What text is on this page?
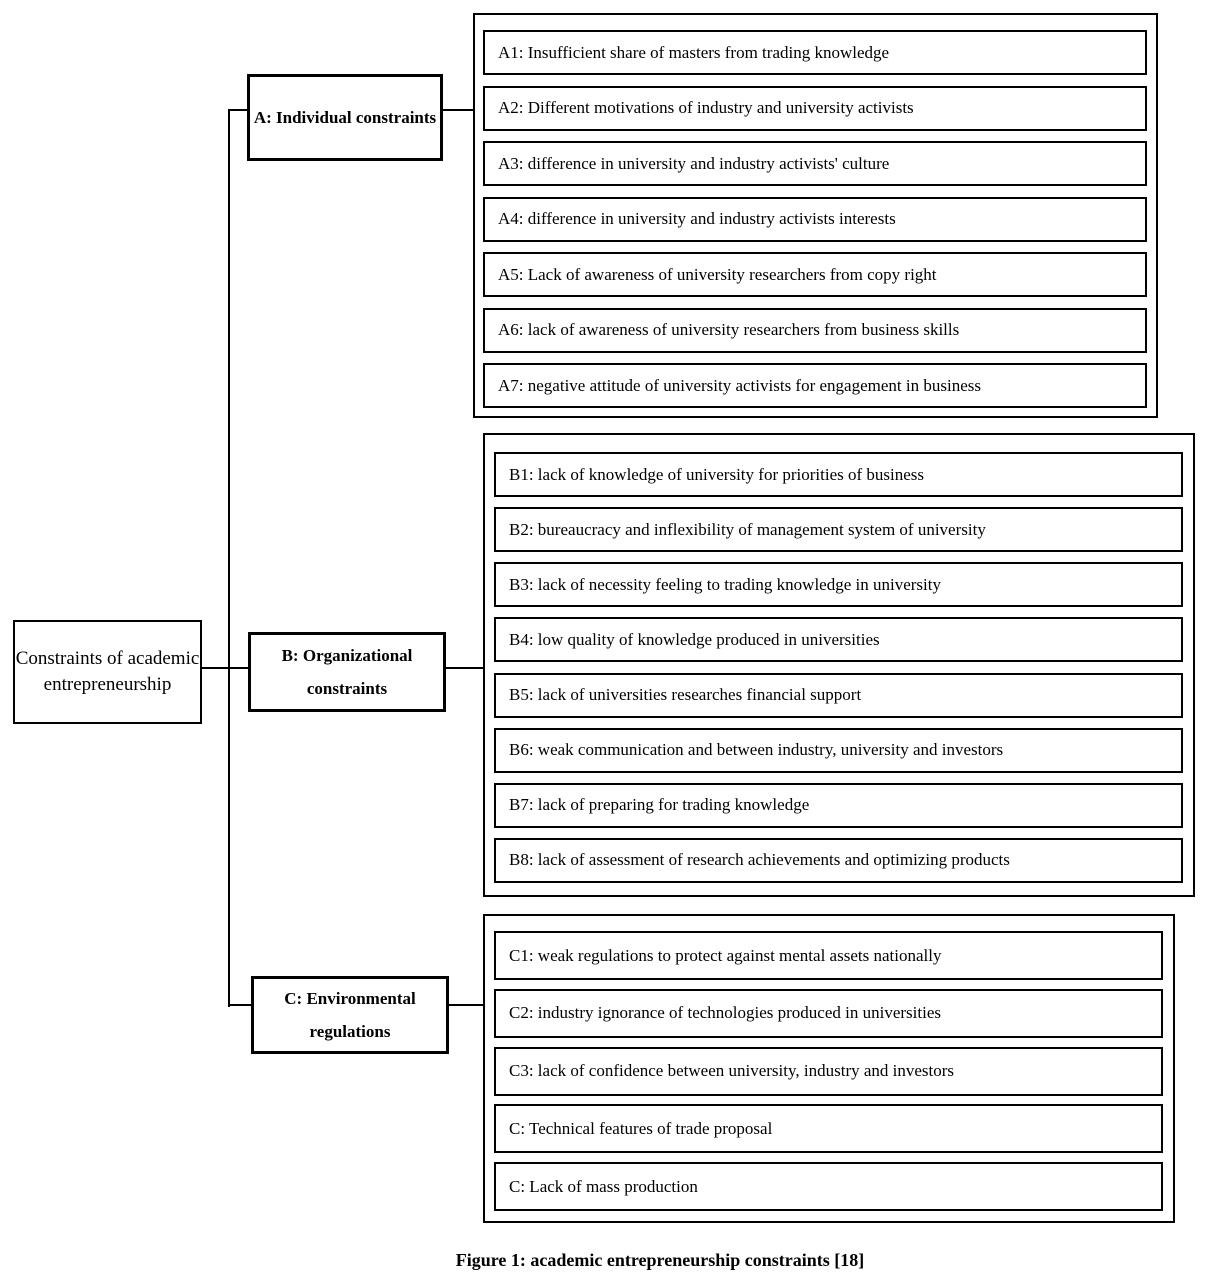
Constraints of academic entrepreneurship
A: Individual constraints
B: Organizational constraints
C: Environmental regulations
A1: Insufficient share of masters from trading knowledge
A2: Different motivations of industry and university activists
A3: difference in university and industry activists' culture
A4: difference in university and industry activists interests
A5: Lack of awareness of university researchers from copy right
A6: lack of awareness of university researchers from business skills
A7: negative attitude of university activists for engagement in business
B1: lack of knowledge of university for priorities of business
B2: bureaucracy and inflexibility of management system of university
B3: lack of necessity feeling to trading knowledge in university
B4: low quality of knowledge produced in universities
B5: lack of universities researches financial support
B6: weak communication and between industry, university and investors
B7: lack of preparing for trading knowledge
B8: lack of assessment of research achievements and optimizing products
C1: weak regulations to protect against mental assets nationally
C2: industry ignorance of technologies produced in universities
C3: lack of confidence between university, industry and investors
C: Technical features of trade proposal
C: Lack of mass production
Figure 1: academic entrepreneurship constraints [18]
